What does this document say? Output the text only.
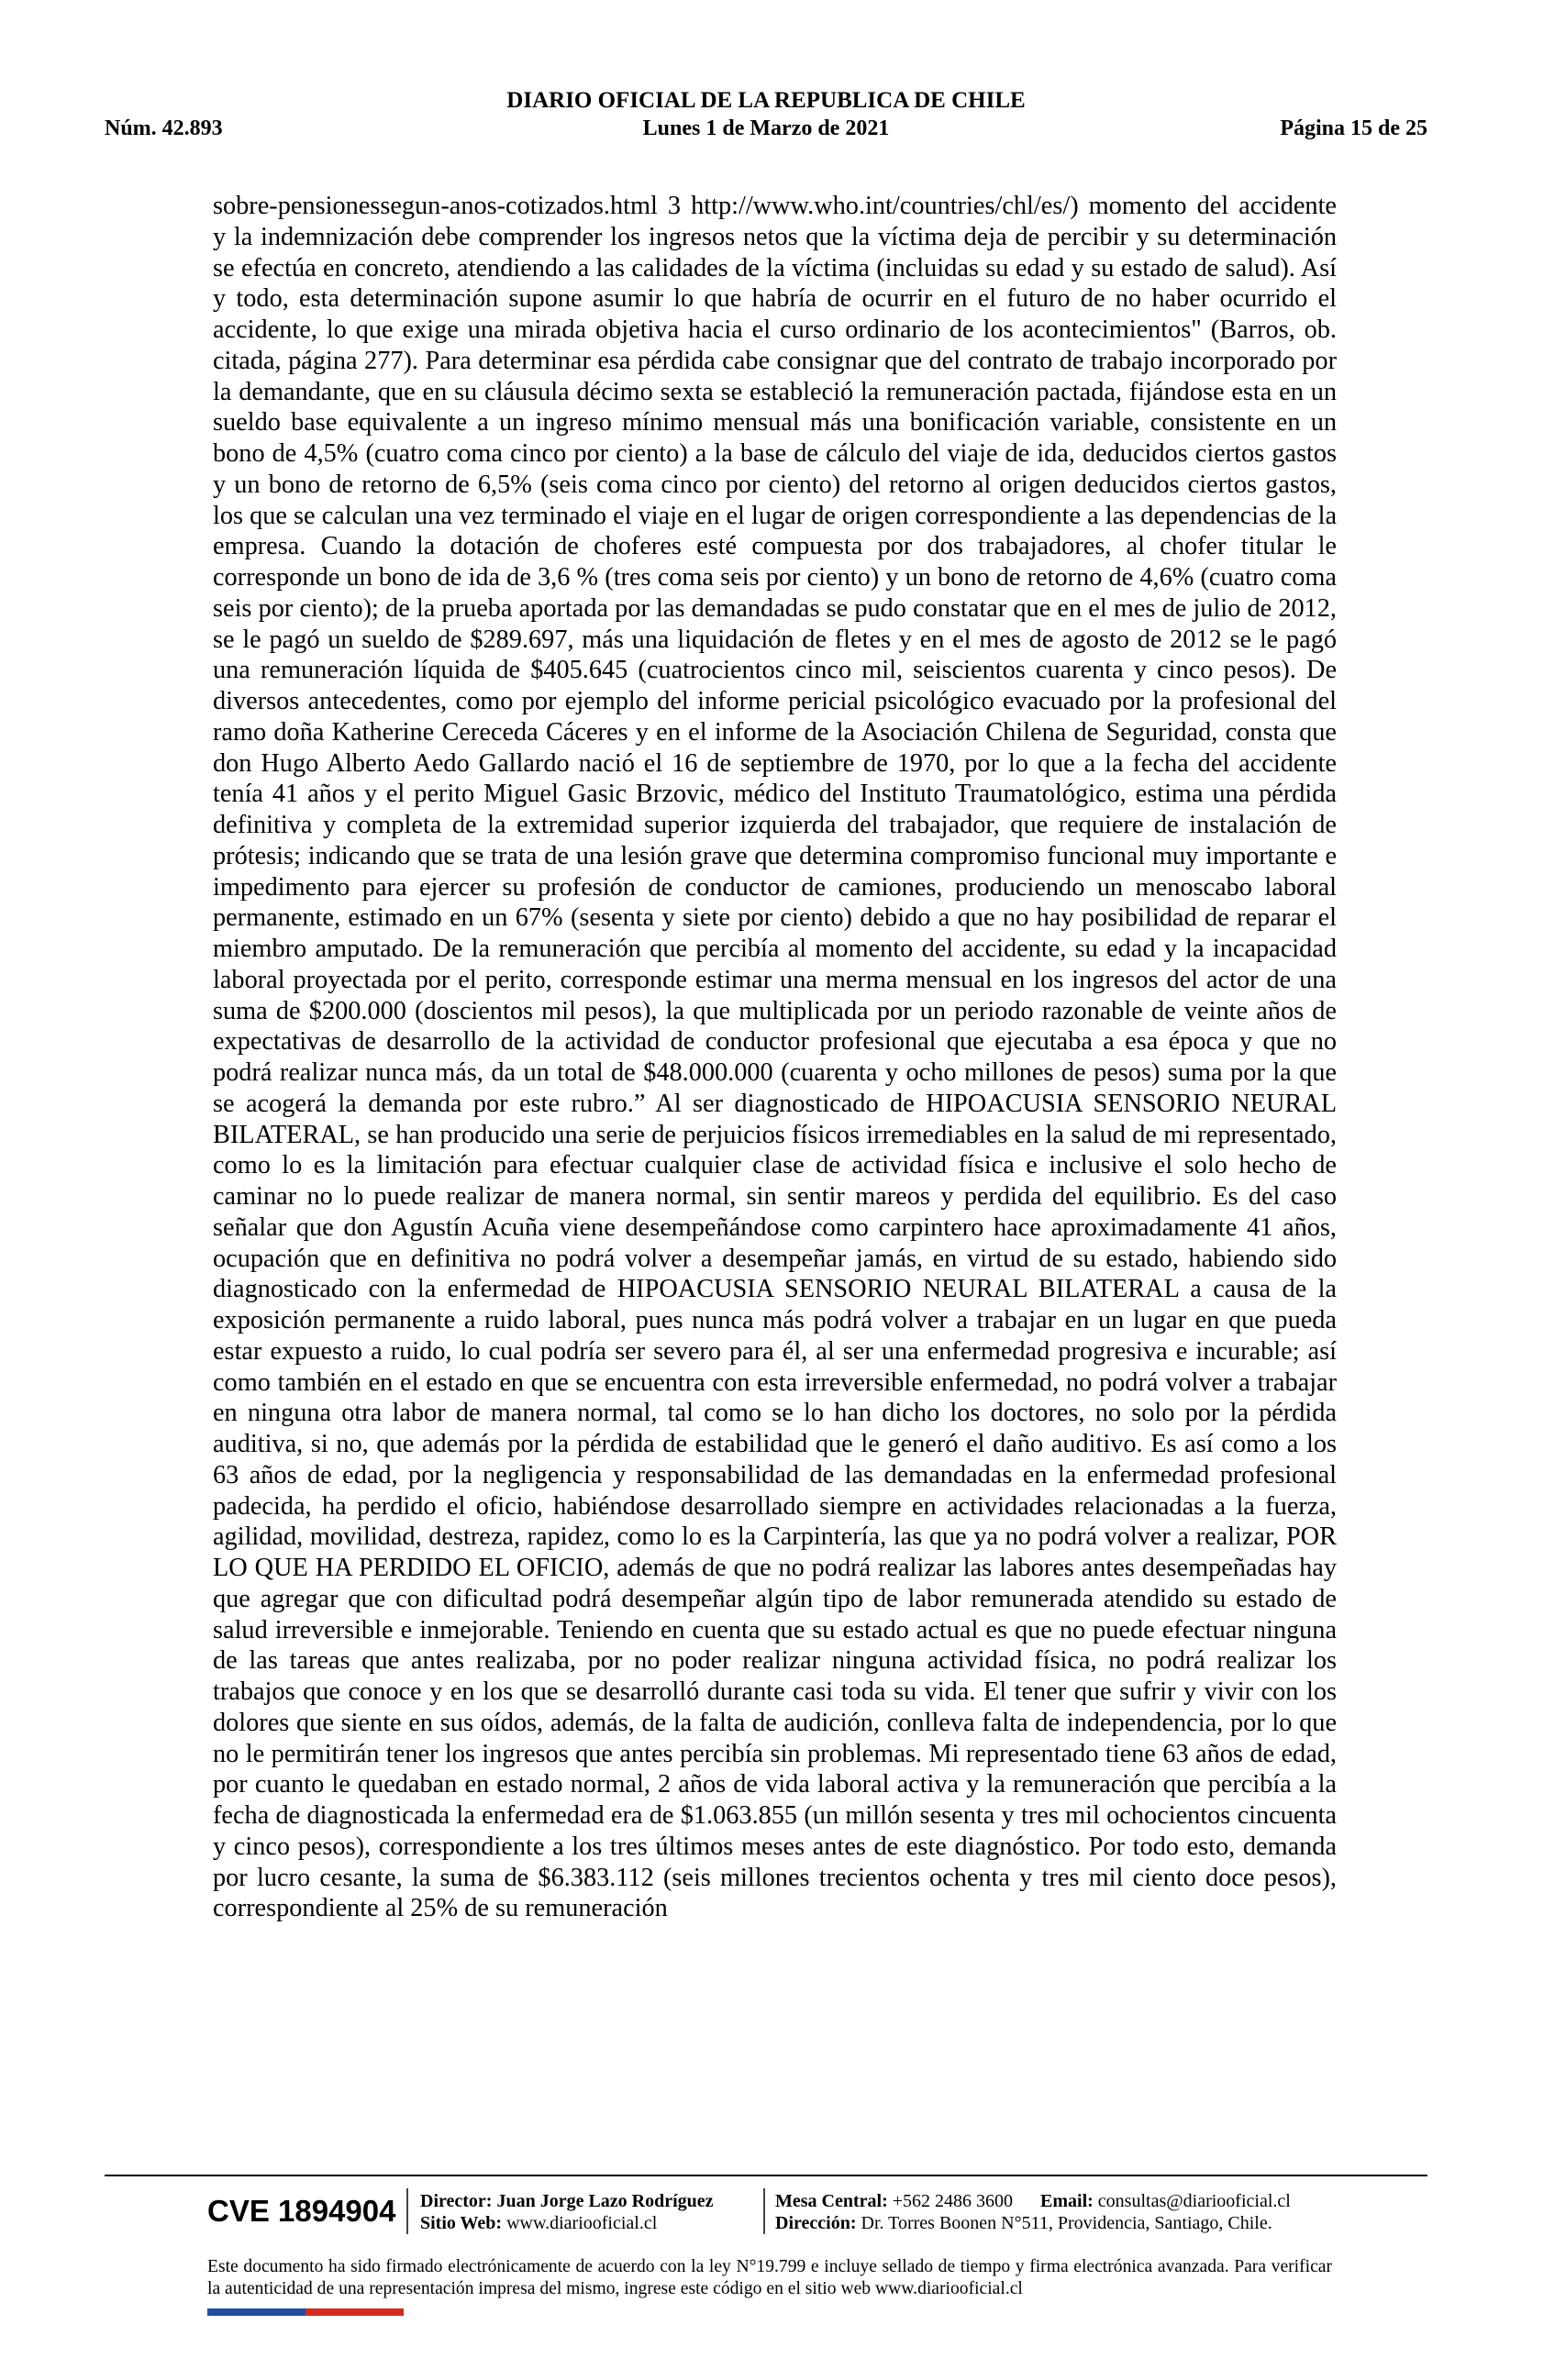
DIARIO OFICIAL DE LA REPUBLICA DE CHILE
Núm. 42.893	Lunes 1 de Marzo de 2021	Página 15 de 25

sobre-pensionessegun-anos-cotizados.html 3 http://www.who.int/countries/chl/es/) momento del accidente y la indemnización debe comprender los ingresos netos que la víctima deja de percibir y su determinación se efectúa en concreto, atendiendo a las calidades de la víctima (incluidas su edad y su estado de salud). Así y todo, esta determinación supone asumir lo que habría de ocurrir en el futuro de no haber ocurrido el accidente, lo que exige una mirada objetiva hacia el curso ordinario de los acontecimientos" (Barros, ob. citada, página 277). Para determinar esa pérdida cabe consignar que del contrato de trabajo incorporado por la demandante, que en su cláusula décimo sexta se estableció la remuneración pactada, fijándose esta en un sueldo base equivalente a un ingreso mínimo mensual más una bonificación variable, consistente en un bono de 4,5% (cuatro coma cinco por ciento) a la base de cálculo del viaje de ida, deducidos ciertos gastos y un bono de retorno de 6,5% (seis coma cinco por ciento) del retorno al origen deducidos ciertos gastos, los que se calculan una vez terminado el viaje en el lugar de origen correspondiente a las dependencias de la empresa. Cuando la dotación de choferes esté compuesta por dos trabajadores, al chofer titular le corresponde un bono de ida de 3,6 % (tres coma seis por ciento) y un bono de retorno de 4,6% (cuatro coma seis por ciento); de la prueba aportada por las demandadas se pudo constatar que en el mes de julio de 2012, se le pagó un sueldo de $289.697, más una liquidación de fletes y en el mes de agosto de 2012 se le pagó una remuneración líquida de $405.645 (cuatrocientos cinco mil, seiscientos cuarenta y cinco pesos). De diversos antecedentes, como por ejemplo del informe pericial psicológico evacuado por la profesional del ramo doña Katherine Cereceda Cáceres y en el informe de la Asociación Chilena de Seguridad, consta que don Hugo Alberto Aedo Gallardo nació el 16 de septiembre de 1970, por lo que a la fecha del accidente tenía 41 años y el perito Miguel Gasic Brzovic, médico del Instituto Traumatológico, estima una pérdida definitiva y completa de la extremidad superior izquierda del trabajador, que requiere de instalación de prótesis; indicando que se trata de una lesión grave que determina compromiso funcional muy importante e impedimento para ejercer su profesión de conductor de camiones, produciendo un menoscabo laboral permanente, estimado en un 67% (sesenta y siete por ciento) debido a que no hay posibilidad de reparar el miembro amputado. De la remuneración que percibía al momento del accidente, su edad y la incapacidad laboral proyectada por el perito, corresponde estimar una merma mensual en los ingresos del actor de una suma de $200.000 (doscientos mil pesos), la que multiplicada por un periodo razonable de veinte años de expectativas de desarrollo de la actividad de conductor profesional que ejecutaba a esa época y que no podrá realizar nunca más, da un total de $48.000.000 (cuarenta y ocho millones de pesos) suma por la que se acogerá la demanda por este rubro.” Al ser diagnosticado de HIPOACUSIA SENSORIO NEURAL BILATERAL, se han producido una serie de perjuicios físicos irremediables en la salud de mi representado, como lo es la limitación para efectuar cualquier clase de actividad física e inclusive el solo hecho de caminar no lo puede realizar de manera normal, sin sentir mareos y perdida del equilibrio. Es del caso señalar que don Agustín Acuña viene desempeñándose como carpintero hace aproximadamente 41 años, ocupación que en definitiva no podrá volver a desempeñar jamás, en virtud de su estado, habiendo sido diagnosticado con la enfermedad de HIPOACUSIA SENSORIO NEURAL BILATERAL a causa de la exposición permanente a ruido laboral, pues nunca más podrá volver a trabajar en un lugar en que pueda estar expuesto a ruido, lo cual podría ser severo para él, al ser una enfermedad progresiva e incurable; así como también en el estado en que se encuentra con esta irreversible enfermedad, no podrá volver a trabajar en ninguna otra labor de manera normal, tal como se lo han dicho los doctores, no solo por la pérdida auditiva, si no, que además por la pérdida de estabilidad que le generó el daño auditivo. Es así como a los 63 años de edad, por la negligencia y responsabilidad de las demandadas en la enfermedad profesional padecida, ha perdido el oficio, habiéndose desarrollado siempre en actividades relacionadas a la fuerza, agilidad, movilidad, destreza, rapidez, como lo es la Carpintería, las que ya no podrá volver a realizar, POR LO QUE HA PERDIDO EL OFICIO, además de que no podrá realizar las labores antes desempeñadas hay que agregar que con dificultad podrá desempeñar algún tipo de labor remunerada atendido su estado de salud irreversible e inmejorable. Teniendo en cuenta que su estado actual es que no puede efectuar ninguna de las tareas que antes realizaba, por no poder realizar ninguna actividad física, no podrá realizar los trabajos que conoce y en los que se desarrolló durante casi toda su vida. El tener que sufrir y vivir con los dolores que siente en sus oídos, además, de la falta de audición, conlleva falta de independencia, por lo que no le permitirán tener los ingresos que antes percibía sin problemas. Mi representado tiene 63 años de edad, por cuanto le quedaban en estado normal, 2 años de vida laboral activa y la remuneración que percibía a la fecha de diagnosticada la enfermedad era de $1.063.855 (un millón sesenta y tres mil ochocientos cincuenta y cinco pesos), correspondiente a los tres últimos meses antes de este diagnóstico. Por todo esto, demanda por lucro cesante, la suma de $6.383.112 (seis millones trecientos ochenta y tres mil ciento doce pesos), correspondiente al 25% de su remuneración

CVE 1894904 Director: Juan Jorge Lazo Rodríguez
Sitio Web: www.diariooficial.cl
Mesa Central: +562 2486 3600 Email: consultas@diariooficial.cl
Dirección: Dr. Torres Boonen N°511, Providencia, Santiago, Chile.
Este documento ha sido firmado electrónicamente de acuerdo con la ley N°19.799 e incluye sellado de tiempo y firma electrónica avanzada. Para verificar la autenticidad de una representación impresa del mismo, ingrese este código en el sitio web www.diariooficial.cl
